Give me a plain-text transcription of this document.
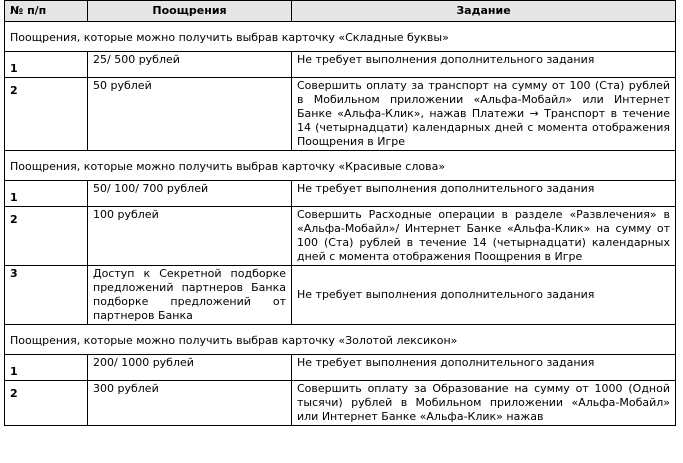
№ п/п	Поощрения	Задание
Поощрения, которые можно получить выбрав карточку «Складные буквы»		
1	25/ 500 рублей	Не требует выполнения дополнительного задания
2	50 рублей	Совершить оплату за транспорт на сумму от 100 (Ста) рублей в Мобильном приложении «Альфа-Мобайл» или Интернет Банке «Альфа-Клик», нажав Платежи → Транспорт в течение 14 (четырнадцати) календарных дней с момента отображения Поощрения в Игре
Поощрения, которые можно получить выбрав карточку «Красивые слова»		
1	50/ 100/ 700 рублей	Не требует выполнения дополнительного задания
2	100 рублей	Совершить Расходные операции в разделе «Развлечения» в «Альфа-Мобайл»/ Интернет Банке «Альфа-Клик» на сумму от 100 (Ста) рублей в течение 14 (четырнадцати) календарных дней с момента отображения Поощрения в Игре
3	Доступ к Секретной подборке предложений партнеров Банка подборке предложений от партнеров Банка	Не требует выполнения дополнительного задания
Поощрения, которые можно получить выбрав карточку «Золотой лексикон»		
1	200/ 1000 рублей	Не требует выполнения дополнительного задания
2	300 рублей	Совершить оплату за Образование на сумму от 1000 (Одной тысячи) рублей в Мобильном приложении «Альфа-Мобайл» или Интернет Банке «Альфа-Клик» нажав
